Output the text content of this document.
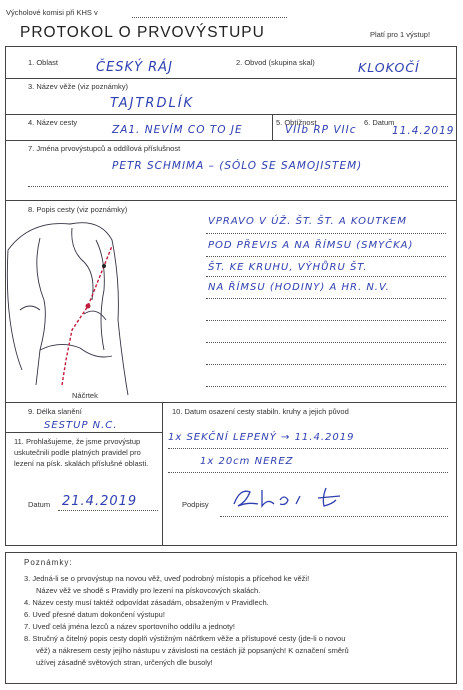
Výcholové komisi při KHS v
PROTOKOL O PRVOVÝSTUPU	Platí pro 1 výstup!
1. Oblast	ČESKÝ RÁJ	2. Obvod (skupina skal)	KLOKOČÍ
3. Název věže (viz poznámky)
TAJTRDLÍK
4. Název cesty
ZA1. NEVÍM CO TO JE
5. Obtížnost
VIIb RP VIIc
6. Datum
11.4.2019
7. Jména prvovýstupců a oddílová příslušnost
PETR SCHMIMA – (SÓLO SE SAMOJISTEM)
8. Popis cesty (viz poznámky)
Náčrtek
VPRAVO V ÚŽ. ŠT. ŠT. A KOUTKEM
POD PŘEVIS A NA ŘÍMSU (SMYČKA)
ŠT. KE KRUHU, VÝHŮRU ŠT.
NA ŘÍMSU (HODINY) A HR. N.V.
9. Délka slanění
SESTUP N.C.
10. Datum osazení cesty stabiln. kruhy a jejich původ
1x SEKČNÍ LEPENÝ → 11.4.2019
1x 20cm NEREZ
11. Prohlašujeme, že jsme prvovýstup uskutečnili podle platných pravidel pro lezení na písk. skalách příslušné oblasti.
Datum 21.4.2019	Podpisy
Poznámky:
3. Jedná-li se o prvovýstup na novou věž, uveď podrobný místopis a přícehod ke věži!
Název věž ve shodě s Pravidly pro lezení na pískovcových skalách.
4. Název cesty musí taktéž odpovídat zásadám, obsaženým v Pravidlech.
6. Uveď přesné datum dokončení výstupu!
7. Uveď celá jména lezců a název sportovního oddílu a jednoty!
8. Stručný a čitelný popis cesty doplň výstižným náčrtkem věže a přístupové cesty (jde-li o novou
věž) a nákresem cesty jejího nástupu v závislosti na cestách již popsaných! K označení směrů
užívej zásadně světových stran, určených dle busoly!
